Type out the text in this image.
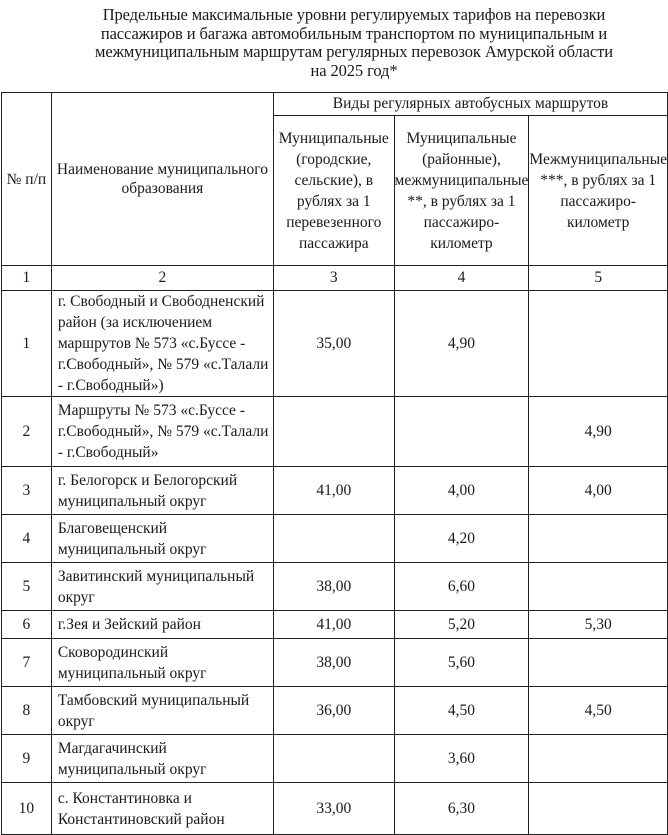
Предельные максимальные уровни регулируемых тарифов на перевозки
пассажиров и багажа автомобильным транспортом по муниципальным и
межмуниципальным маршрутам регулярных перевозок Амурской области
на 2025 год*
№ п/п	Наименование муниципального образования	Виды регулярных автобусных маршрутов		
		Муниципальные (городские, сельские), в рублях за 1 перевезенного пассажира	Муниципальные (районные), межмуниципальные **, в рублях за 1 пассажиро-километр	Межмуниципальные ***, в рублях за 1 пассажиро-километр
1	2	3	4	5
1	г. Свободный и Свободненский район (за исключением маршрутов № 573 «с.Буссе - г.Свободный», № 579 «с.Талали - г.Свободный»)	35,00	4,90	
2	Маршруты № 573 «с.Буссе - г.Свободный», № 579 «с.Талали - г.Свободный»			4,90
3	г. Белогорск и Белогорский муниципальный округ	41,00	4,00	4,00
4	Благовещенский муниципальный округ		4,20	
5	Завитинский муниципальный округ	38,00	6,60	
6	г.Зея и Зейский район	41,00	5,20	5,30
7	Сковородинский муниципальный округ	38,00	5,60	
8	Тамбовский муниципальный округ	36,00	4,50	4,50
9	Магдагачинский муниципальный округ		3,60	
10	с. Константиновка и Константиновский район	33,00	6,30	
